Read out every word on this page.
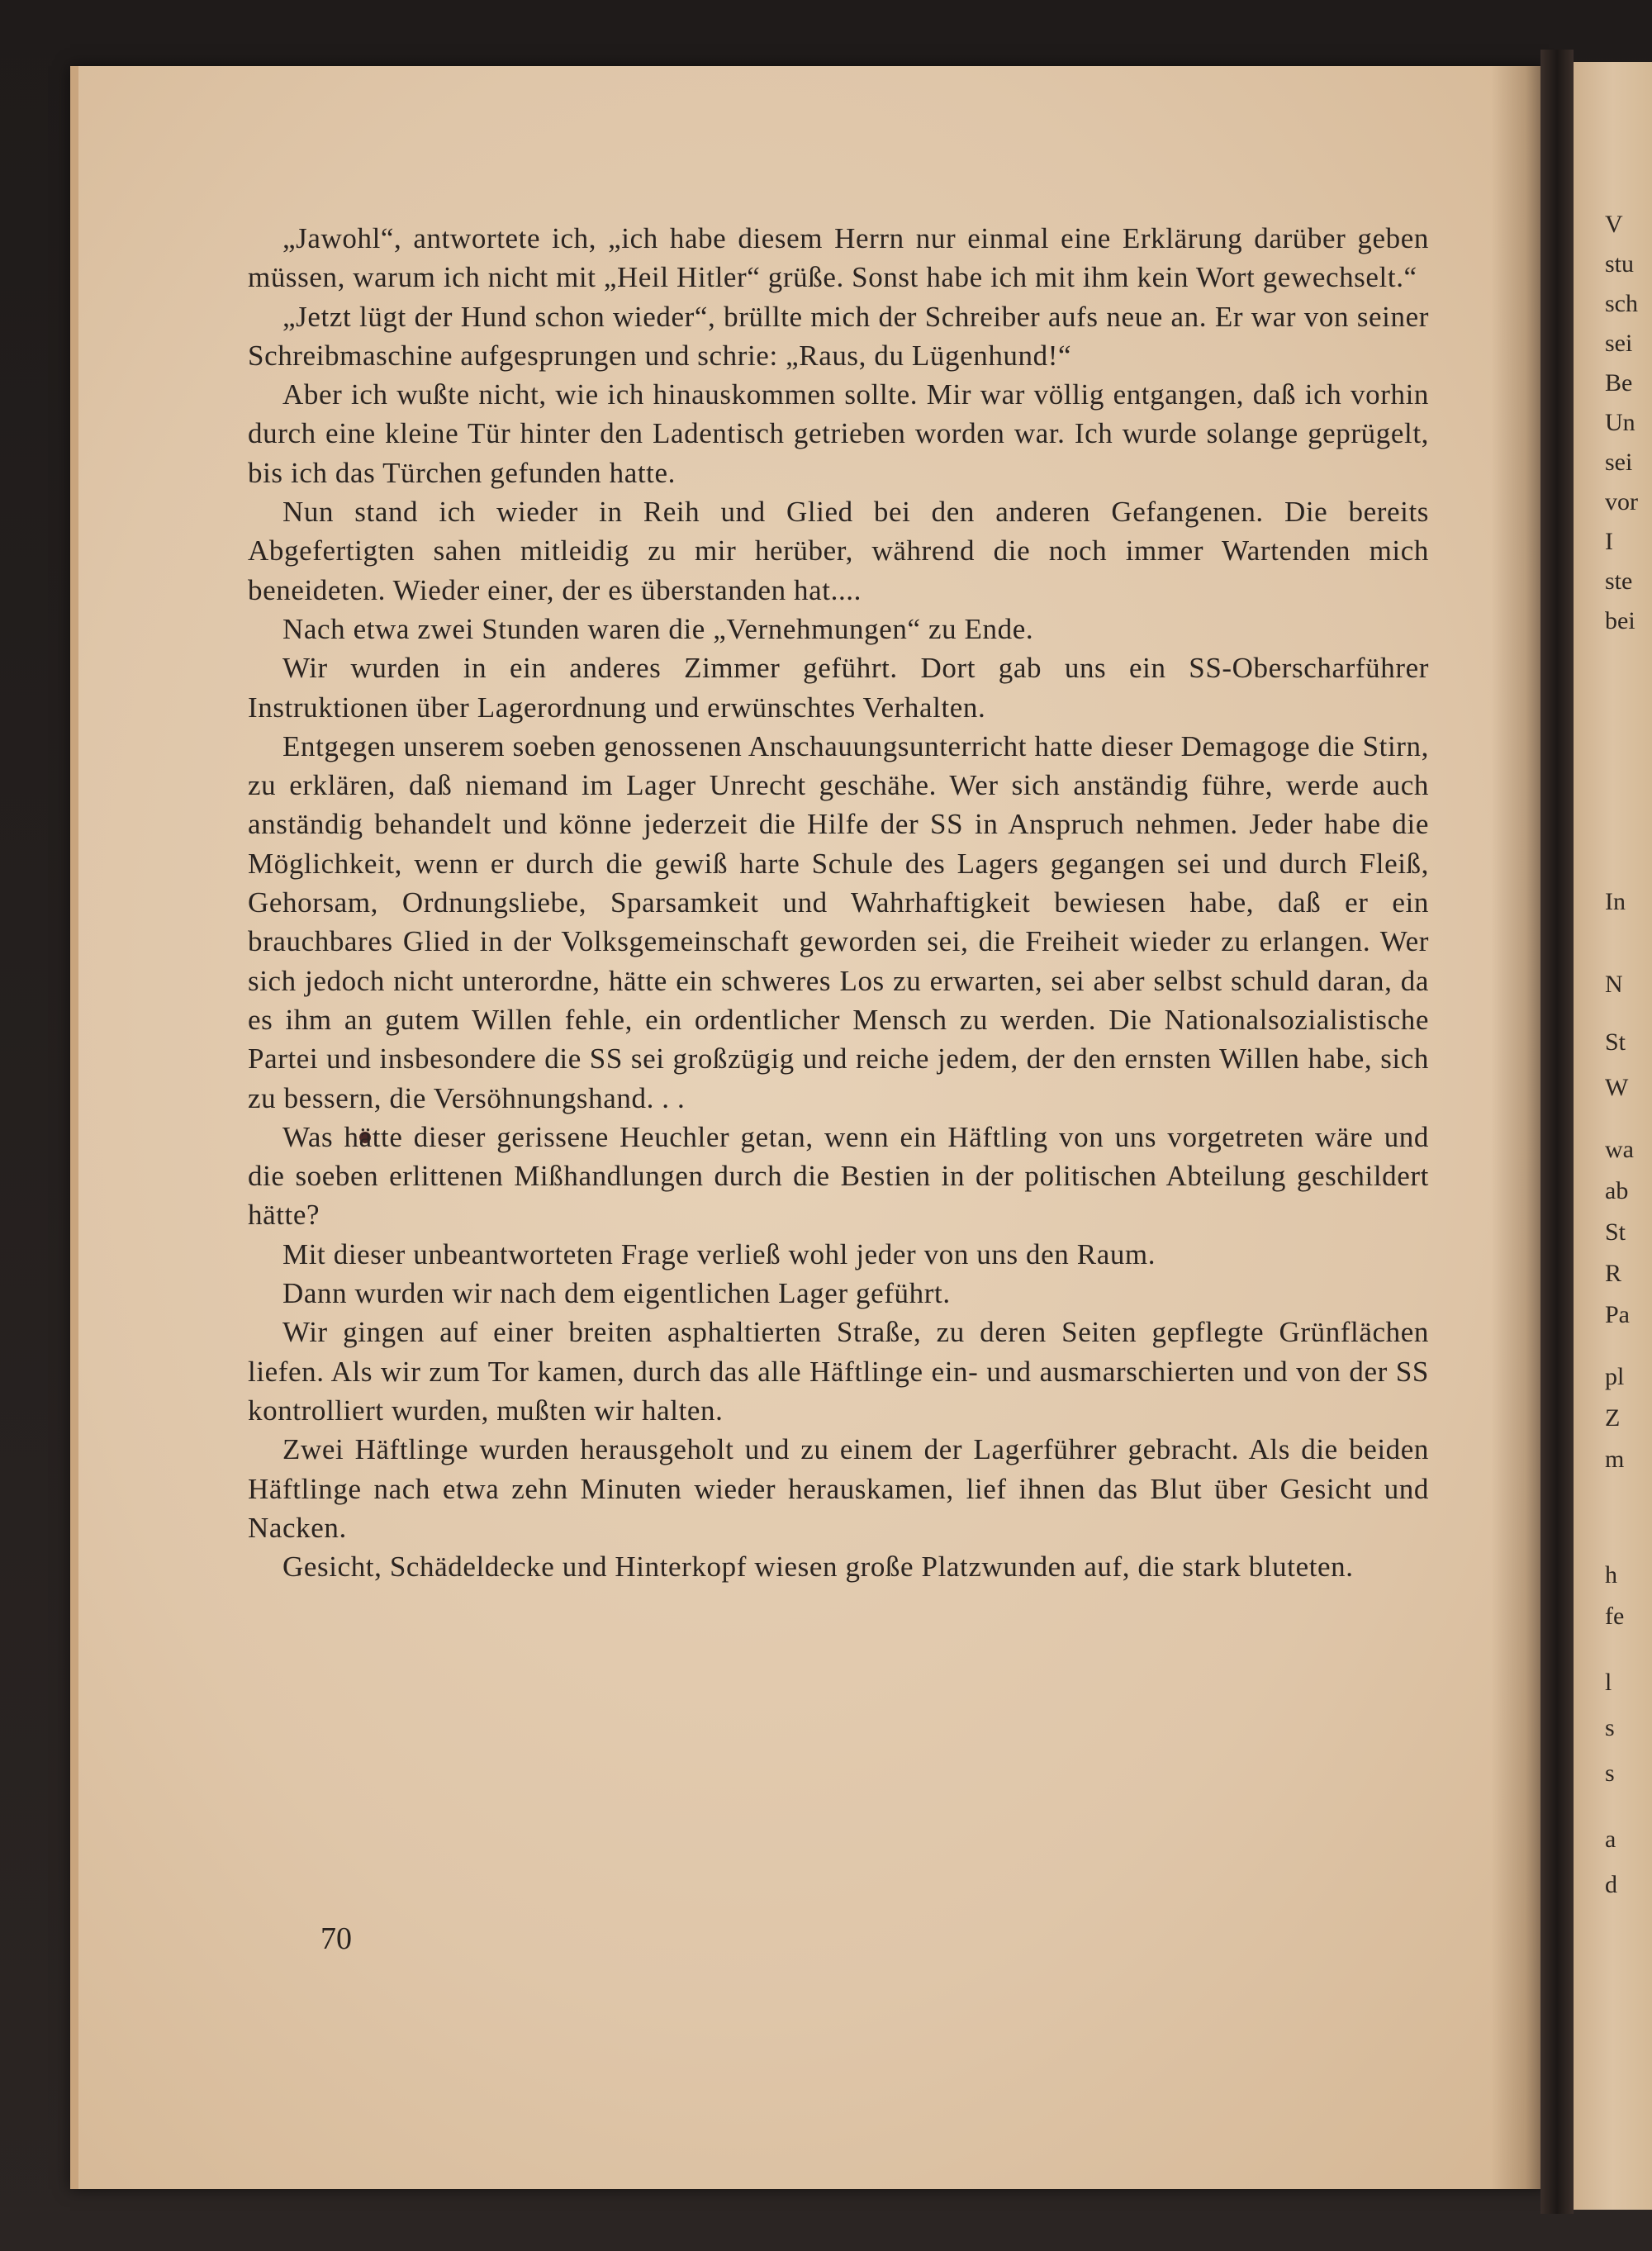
„Jawohl“, antwortete ich, „ich habe diesem Herrn nur einmal eine Erklärung darüber geben müssen, warum ich nicht mit „Heil Hitler“ grüße. Sonst habe ich mit ihm kein Wort gewechselt.“

„Jetzt lügt der Hund schon wieder“, brüllte mich der Schreiber aufs neue an. Er war von seiner Schreibmaschine aufgesprungen und schrie: „Raus, du Lügenhund!“

Aber ich wußte nicht, wie ich hinauskommen sollte. Mir war völlig entgangen, daß ich vorhin durch eine kleine Tür hinter den Ladentisch getrieben worden war. Ich wurde solange geprügelt, bis ich das Türchen gefunden hatte.

Nun stand ich wieder in Reih und Glied bei den anderen Gefangenen. Die bereits Abgefertigten sahen mitleidig zu mir herüber, während die noch immer Wartenden mich beneideten. Wieder einer, der es überstanden hat....

Nach etwa zwei Stunden waren die „Vernehmungen“ zu Ende.

Wir wurden in ein anderes Zimmer geführt. Dort gab uns ein SS-Oberscharführer Instruktionen über Lagerordnung und erwünschtes Verhalten.

Entgegen unserem soeben genossenen Anschauungsunterricht hatte dieser Demagoge die Stirn, zu erklären, daß niemand im Lager Unrecht geschähe. Wer sich anständig führe, werde auch anständig behandelt und könne jederzeit die Hilfe der SS in Anspruch nehmen. Jeder habe die Möglichkeit, wenn er durch die gewiß harte Schule des Lagers gegangen sei und durch Fleiß, Gehorsam, Ordnungsliebe, Sparsamkeit und Wahrhaftigkeit bewiesen habe, daß er ein brauchbares Glied in der Volksgemeinschaft geworden sei, die Freiheit wieder zu erlangen. Wer sich jedoch nicht unterordne, hätte ein schweres Los zu erwarten, sei aber selbst schuld daran, da es ihm an gutem Willen fehle, ein ordentlicher Mensch zu werden. Die Nationalsozialistische Partei und insbesondere die SS sei großzügig und reiche jedem, der den ernsten Willen habe, sich zu bessern, die Versöhnungshand. . .

Was hätte dieser gerissene Heuchler getan, wenn ein Häftling von uns vorgetreten wäre und die soeben erlittenen Mißhandlungen durch die Bestien in der politischen Abteilung geschildert hätte?

Mit dieser unbeantworteten Frage verließ wohl jeder von uns den Raum.

Dann wurden wir nach dem eigentlichen Lager geführt.

Wir gingen auf einer breiten asphaltierten Straße, zu deren Seiten gepflegte Grünflächen liefen. Als wir zum Tor kamen, durch das alle Häftlinge ein- und ausmarschierten und von der SS kontrolliert wurden, mußten wir halten.

Zwei Häftlinge wurden herausgeholt und zu einem der Lagerführer gebracht. Als die beiden Häftlinge nach etwa zehn Minuten wieder herauskamen, lief ihnen das Blut über Gesicht und Nacken.

Gesicht, Schädeldecke und Hinterkopf wiesen große Platzwunden auf, die stark bluteten.

70
V
stu
sch
sei
Be
Un
sei
vor
I
ste
bei
In
N
St
W
wa
ab
St
R
Pa
pl
Z
m
h
fe
l
s
s
a
d
